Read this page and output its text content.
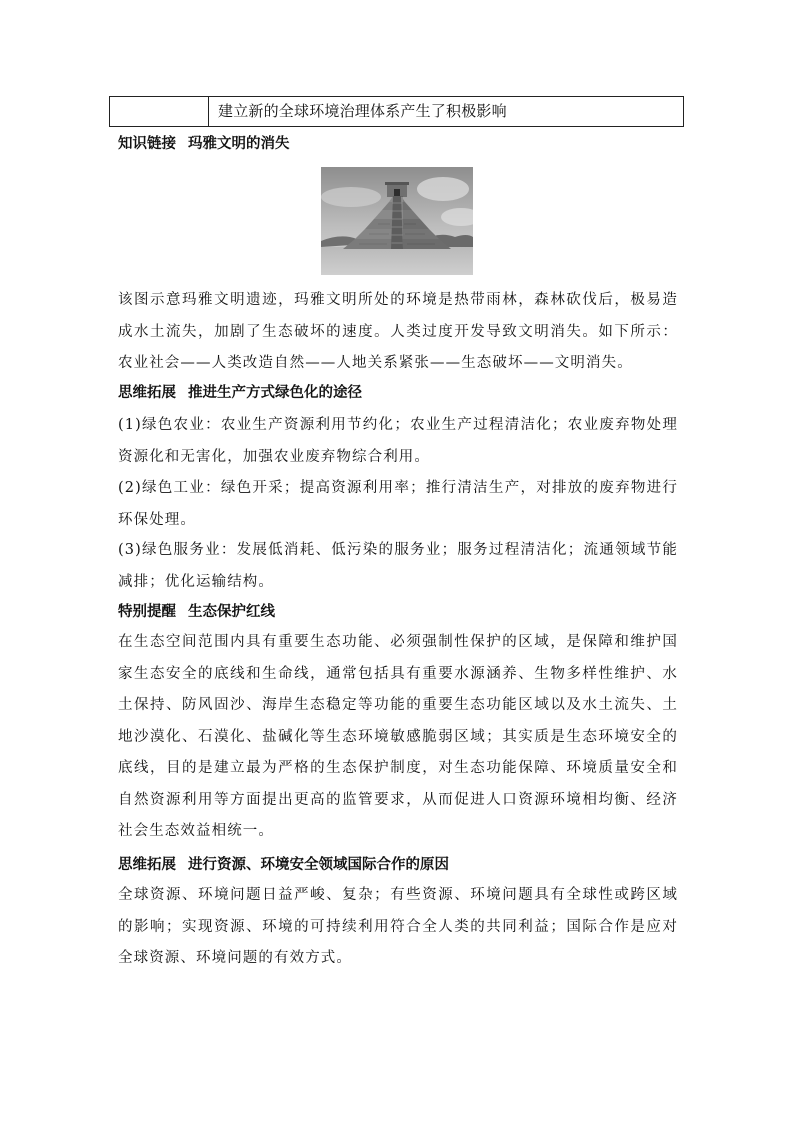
建立新的全球环境治理体系产生了积极影响
知识链接 玛雅文明的消失
该图示意玛雅文明遗迹，玛雅文明所处的环境是热带雨林，森林砍伐后，极易造成水土流失，加剧了生态破坏的速度。人类过度开发导致文明消失。如下所示：农业社会——人类改造自然——人地关系紧张——生态破坏——文明消失。
思维拓展 推进生产方式绿色化的途径
(1)绿色农业：农业生产资源利用节约化；农业生产过程清洁化；农业废弃物处理资源化和无害化，加强农业废弃物综合利用。
(2)绿色工业：绿色开采；提高资源利用率；推行清洁生产，对排放的废弃物进行环保处理。
(3)绿色服务业：发展低消耗、低污染的服务业；服务过程清洁化；流通领域节能减排；优化运输结构。
特别提醒 生态保护红线
在生态空间范围内具有重要生态功能、必须强制性保护的区域，是保障和维护国家生态安全的底线和生命线，通常包括具有重要水源涵养、生物多样性维护、水土保持、防风固沙、海岸生态稳定等功能的重要生态功能区域以及水土流失、土地沙漠化、石漠化、盐碱化等生态环境敏感脆弱区域；其实质是生态环境安全的底线，目的是建立最为严格的生态保护制度，对生态功能保障、环境质量安全和自然资源利用等方面提出更高的监管要求，从而促进人口资源环境相均衡、经济社会生态效益相统一。
思维拓展 进行资源、环境安全领域国际合作的原因
全球资源、环境问题日益严峻、复杂；有些资源、环境问题具有全球性或跨区域的影响；实现资源、环境的可持续利用符合全人类的共同利益；国际合作是应对全球资源、环境问题的有效方式。
